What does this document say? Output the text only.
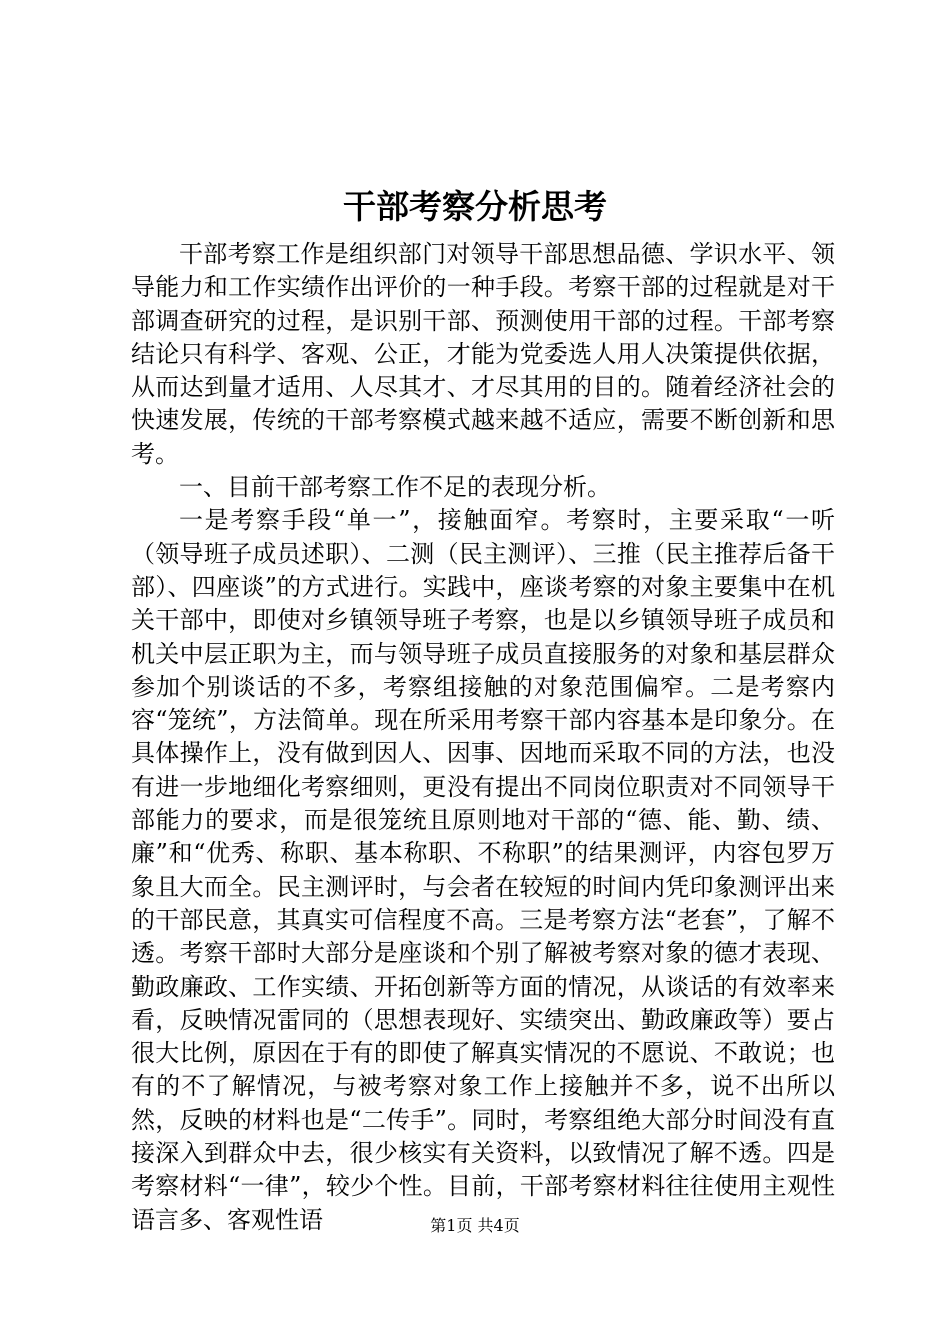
干部考察分析思考

干部考察工作是组织部门对领导干部思想品德、学识水平、领导能力和工作实绩作出评价的一种手段。考察干部的过程就是对干部调查研究的过程，是识别干部、预测使用干部的过程。干部考察结论只有科学、客观、公正，才能为党委选人用人决策提供依据，从而达到量才适用、人尽其才、才尽其用的目的。随着经济社会的快速发展，传统的干部考察模式越来越不适应，需要不断创新和思考。

一、目前干部考察工作不足的表现分析。

一是考察手段“单一”，接触面窄。考察时，主要采取“一听（领导班子成员述职）、二测（民主测评）、三推（民主推荐后备干部）、四座谈”的方式进行。实践中，座谈考察的对象主要集中在机关干部中，即使对乡镇领导班子考察，也是以乡镇领导班子成员和机关中层正职为主，而与领导班子成员直接服务的对象和基层群众参加个别谈话的不多，考察组接触的对象范围偏窄。二是考察内容“笼统”，方法简单。现在所采用考察干部内容基本是印象分。在具体操作上，没有做到因人、因事、因地而采取不同的方法，也没有进一步地细化考察细则，更没有提出不同岗位职责对不同领导干部能力的要求，而是很笼统且原则地对干部的“德、能、勤、绩、廉”和“优秀、称职、基本称职、不称职”的结果测评，内容包罗万象且大而全。民主测评时，与会者在较短的时间内凭印象测评出来的干部民意，其真实可信程度不高。三是考察方法“老套”，了解不透。考察干部时大部分是座谈和个别了解被考察对象的德才表现、勤政廉政、工作实绩、开拓创新等方面的情况，从谈话的有效率来看，反映情况雷同的（思想表现好、实绩突出、勤政廉政等）要占很大比例，原因在于有的即使了解真实情况的不愿说、不敢说；也有的不了解情况，与被考察对象工作上接触并不多，说不出所以然，反映的材料也是“二传手”。同时，考察组绝大部分时间没有直接深入到群众中去，很少核实有关资料，以致情况了解不透。四是考察材料“一律”，较少个性。目前，干部考察材料往往使用主观性语言多、客观性语	第1页 共4页
